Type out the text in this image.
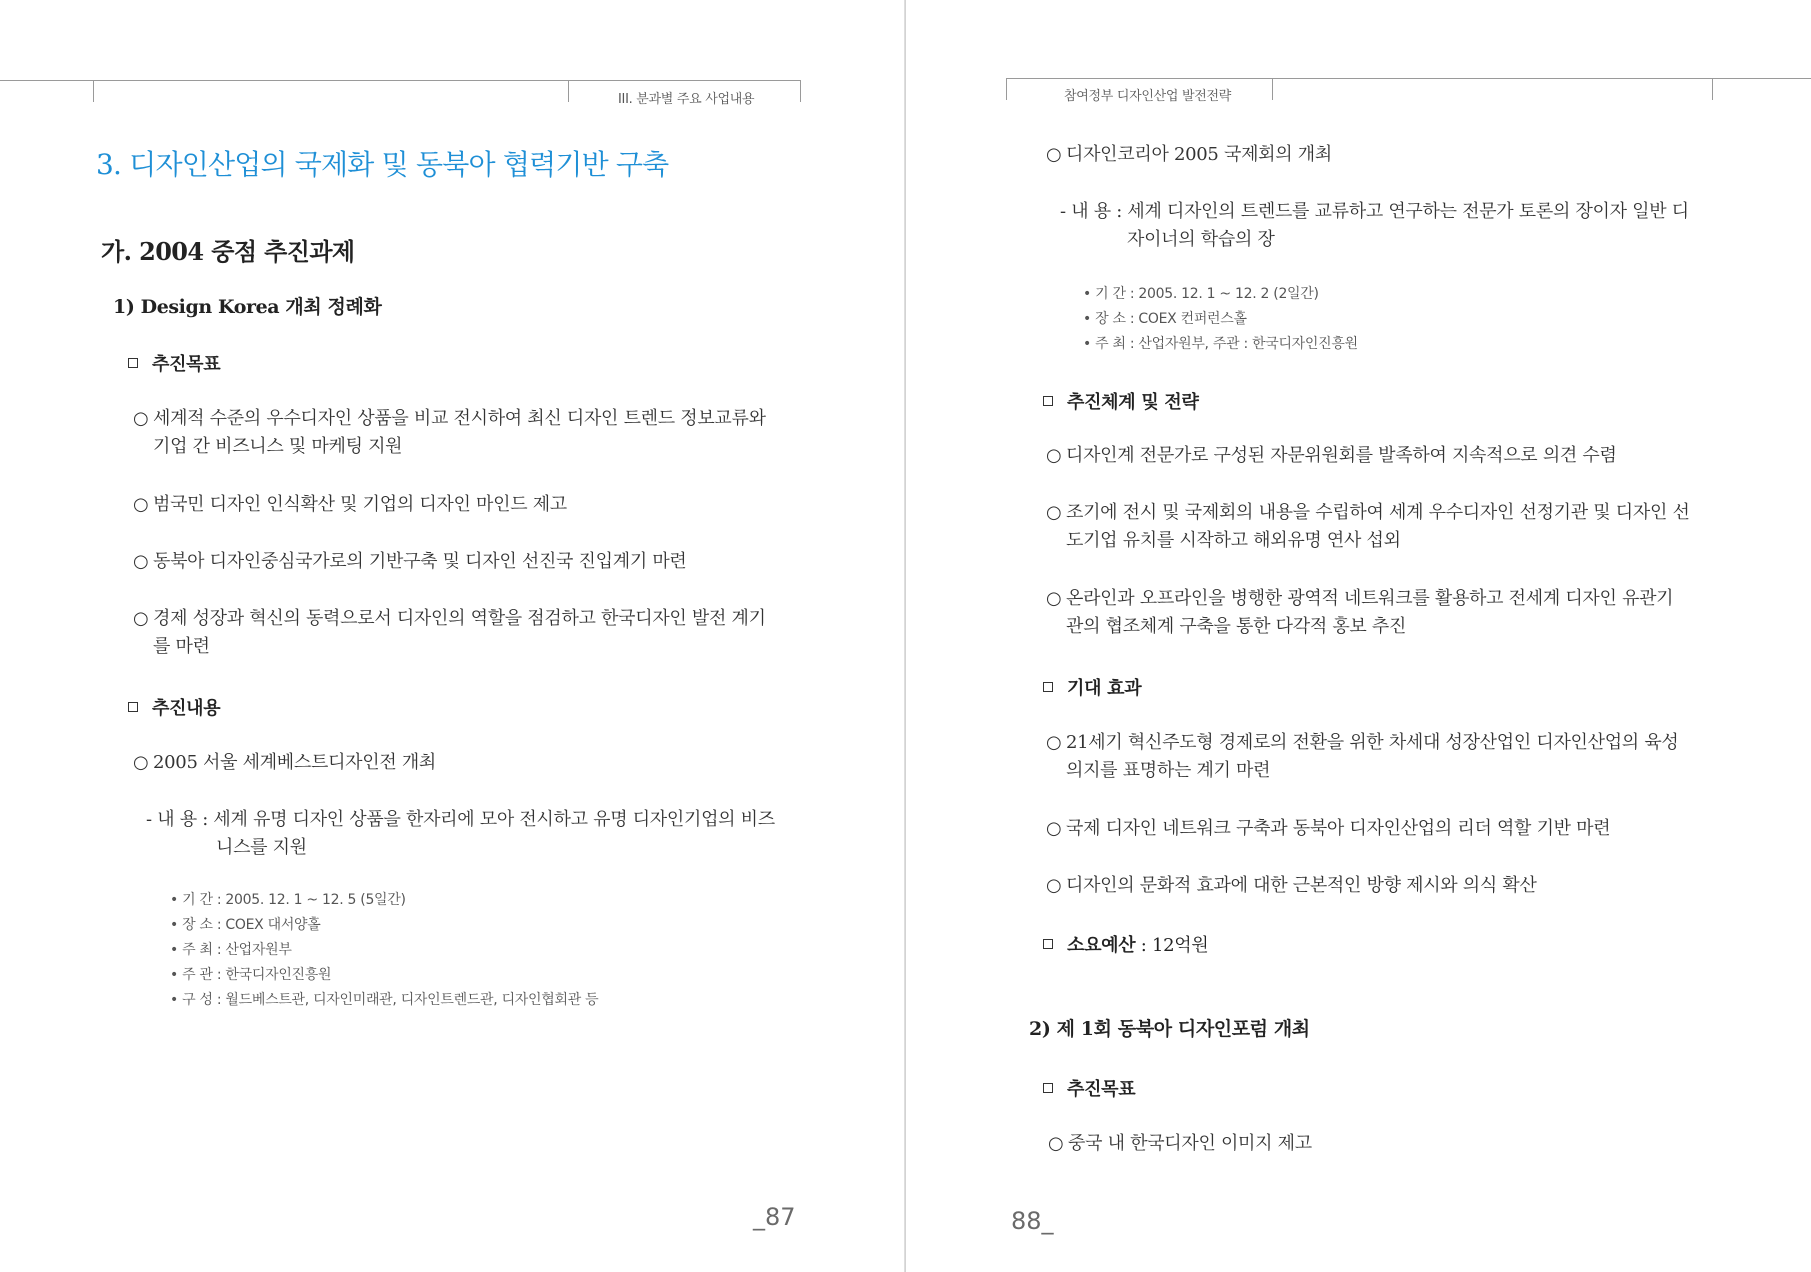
III. 분과별 주요 사업내용
3. 디자인산업의 국제화 및 동북아 협력기반 구축
가. 2004 중점 추진과제
1) Design Korea 개최 정례화
추진목표
○ 세계적 수준의 우수디자인 상품을 비교 전시하여 최신 디자인 트렌드 정보교류와
기업 간 비즈니스 및 마케팅 지원
○ 범국민 디자인 인식확산 및 기업의 디자인 마인드 제고
○ 동북아 디자인중심국가로의 기반구축 및 디자인 선진국 진입계기 마련
○ 경제 성장과 혁신의 동력으로서 디자인의 역할을 점검하고 한국디자인 발전 계기
를 마련
추진내용
○ 2005 서울 세계베스트디자인전 개최
- 내 용 : 세계 유명 디자인 상품을 한자리에 모아 전시하고 유명 디자인기업의 비즈
니스를 지원
• 기 간 : 2005. 12. 1 ~ 12. 5 (5일간)
• 장 소 : COEX 대서양홀
• 주 최 : 산업자원부
• 주 관 : 한국디자인진흥원
• 구 성 : 월드베스트관, 디자인미래관, 디자인트렌드관, 디자인협회관 등
_87
참여정부 디자인산업 발전전략
○ 디자인코리아 2005 국제회의 개최
- 내 용 : 세계 디자인의 트렌드를 교류하고 연구하는 전문가 토론의 장이자 일반 디
자이너의 학습의 장
• 기 간 : 2005. 12. 1 ~ 12. 2 (2일간)
• 장 소 : COEX 컨퍼런스홀
• 주 최 : 산업자원부, 주관 : 한국디자인진흥원
추진체계 및 전략
○ 디자인계 전문가로 구성된 자문위원회를 발족하여 지속적으로 의견 수렴
○ 조기에 전시 및 국제회의 내용을 수립하여 세계 우수디자인 선정기관 및 디자인 선
도기업 유치를 시작하고 해외유명 연사 섭외
○ 온라인과 오프라인을 병행한 광역적 네트워크를 활용하고 전세계 디자인 유관기
관의 협조체계 구축을 통한 다각적 홍보 추진
기대 효과
○ 21세기 혁신주도형 경제로의 전환을 위한 차세대 성장산업인 디자인산업의 육성
의지를 표명하는 계기 마련
○ 국제 디자인 네트워크 구축과 동북아 디자인산업의 리더 역할 기반 마련
○ 디자인의 문화적 효과에 대한 근본적인 방향 제시와 의식 확산
소요예산 : 12억원
2) 제 1회 동북아 디자인포럼 개최
추진목표
○ 중국 내 한국디자인 이미지 제고
88_
